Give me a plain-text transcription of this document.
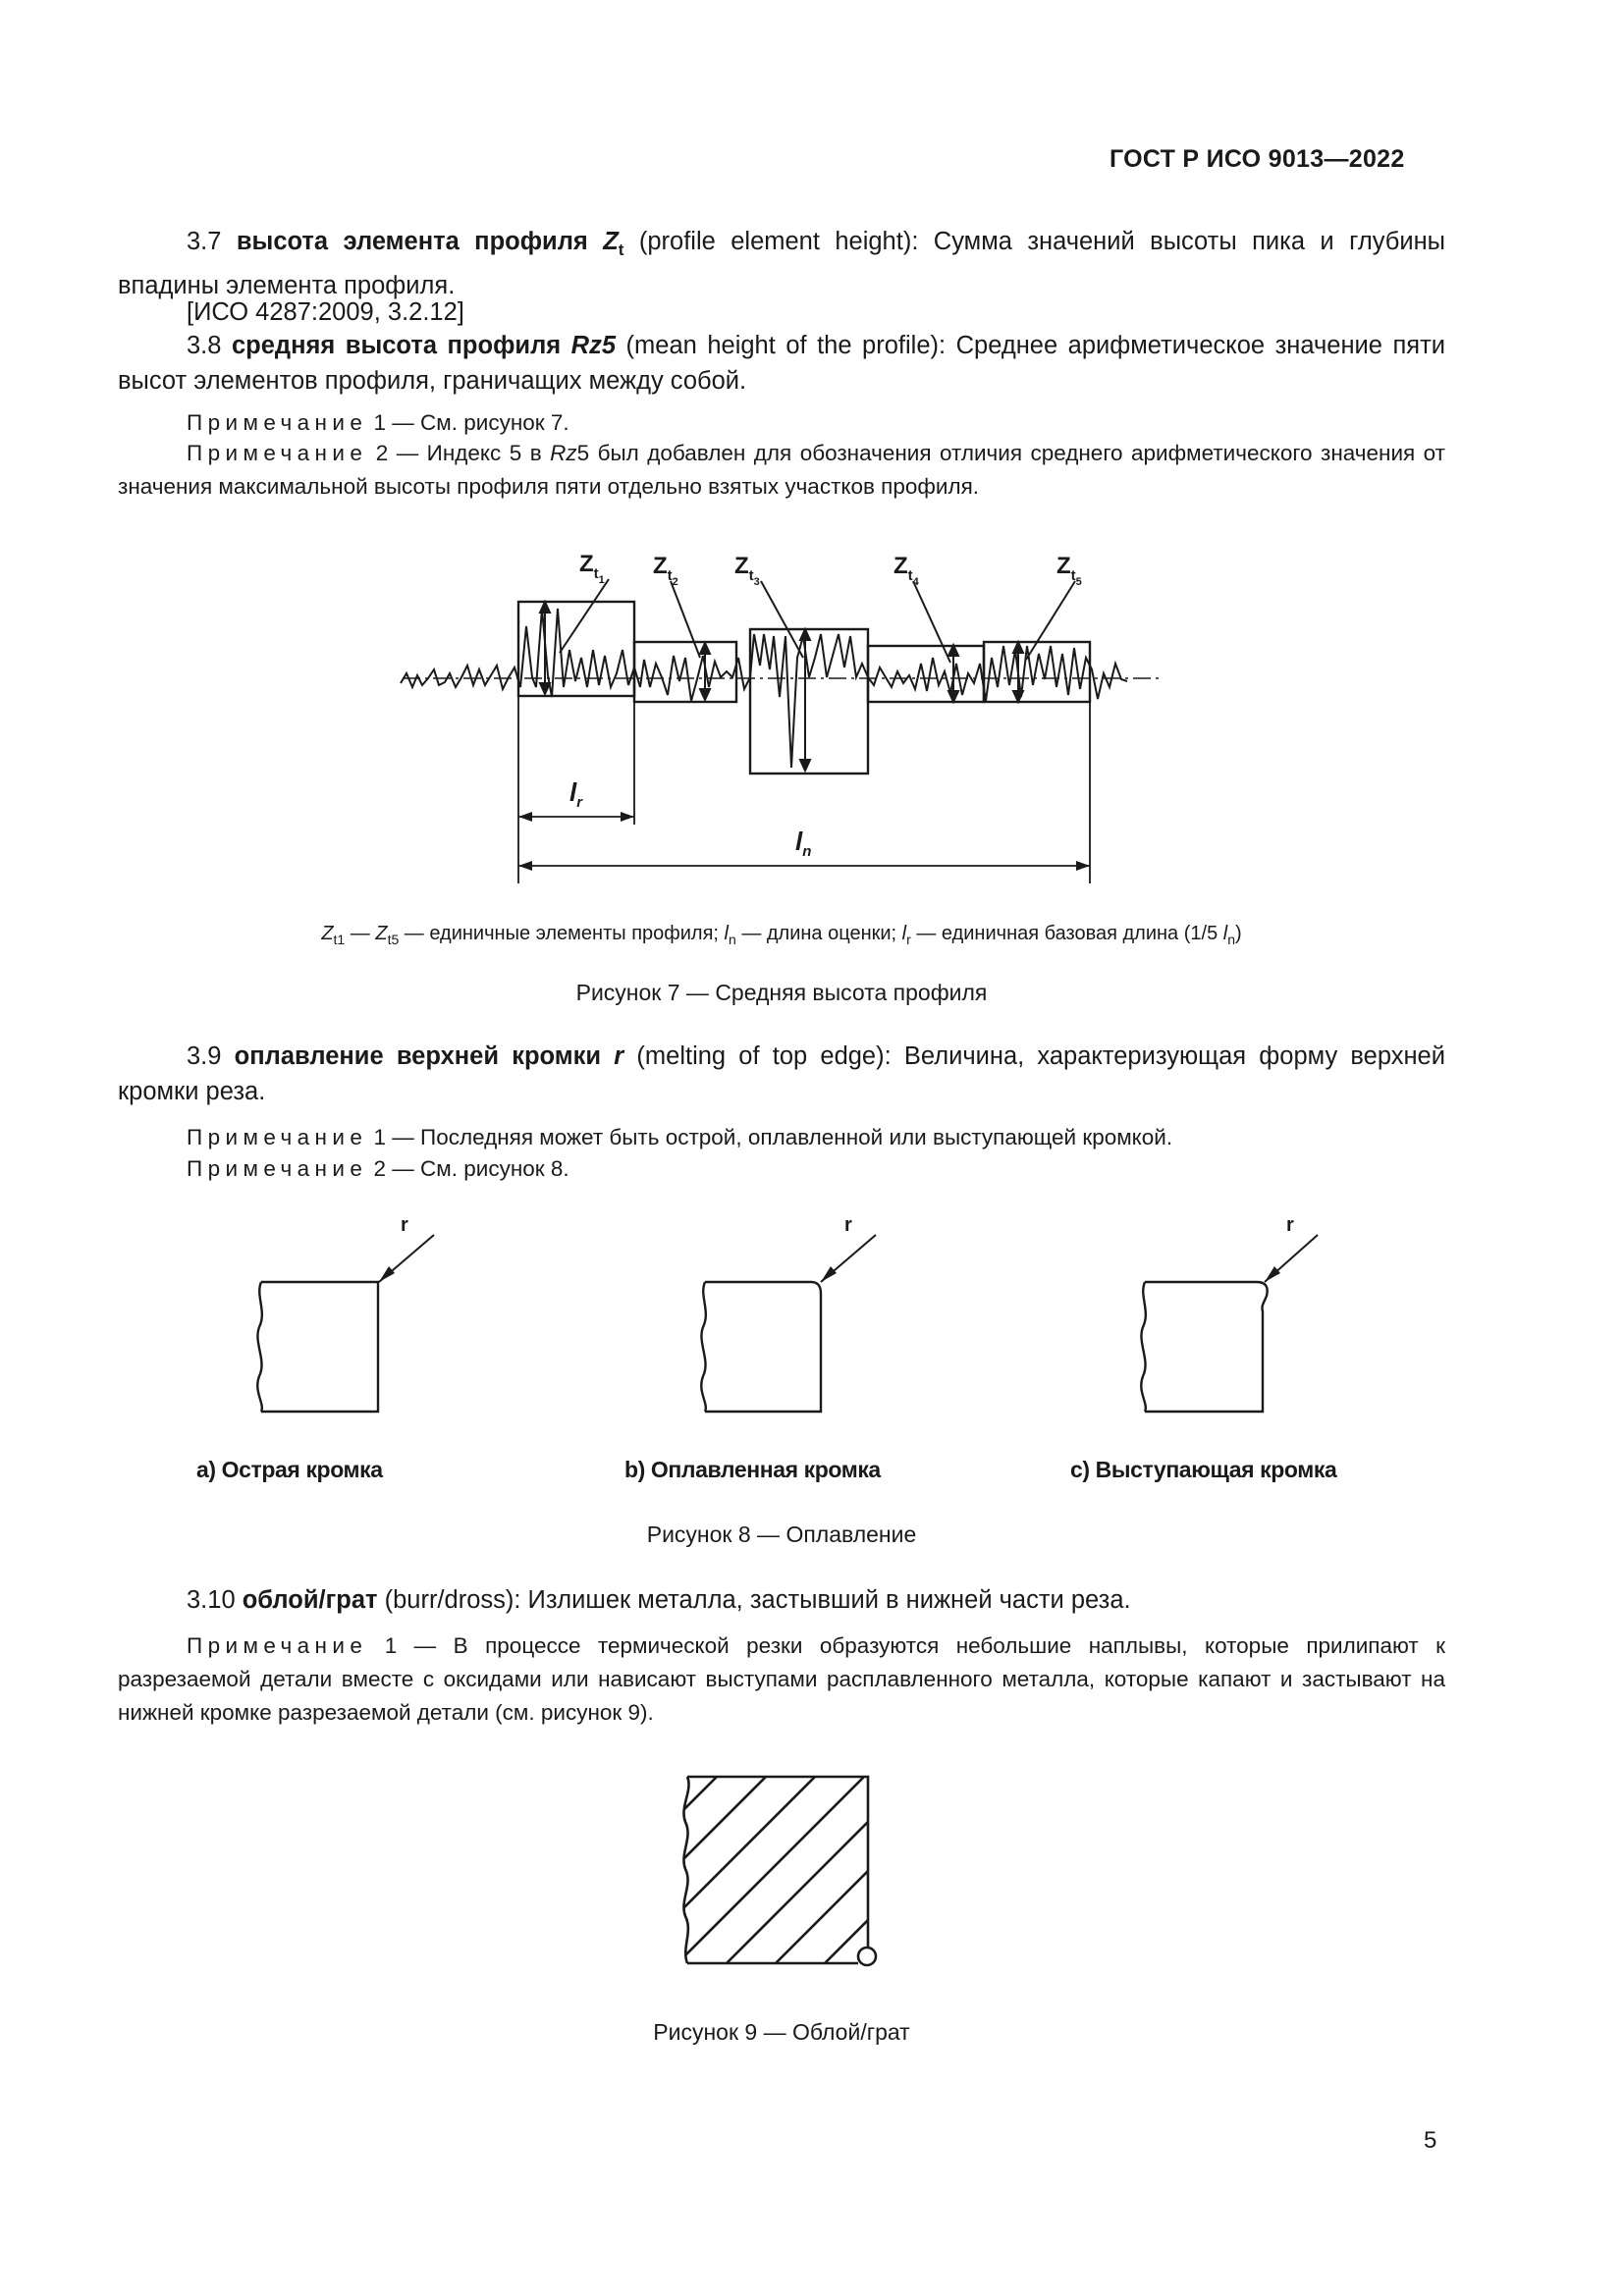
ГОСТ Р ИСО 9013—2022
3.7 высота элемента профиля $Z_t$ (profile element height): Сумма значений высоты пика и глубины впадины элемента профиля.
[ИСО 4287:2009, 3.2.12]
3.8 средняя высота профиля Rz5 (mean height of the profile): Среднее арифметическое значение пяти высот элементов профиля, граничащих между собой.
Примечание 1 — См. рисунок 7.
Примечание 2 — Индекс 5 в Rz5 был добавлен для обозначения отличия среднего арифметического значения от значения максимальной высоты профиля пяти отдельно взятых участков профиля.
$Z_{t1}$
$Z_{t2}$
$Z_{t3}$
$Z_{t4}$
$Z_{t5}$
$l_r$
$l_n$
$Z_{t1}$ — $Z_{t5}$ — единичные элементы профиля; $l_n$ — длина оценки; $l_r$ — единичная базовая длина (1/5 $l_n$)
Рисунок 7 — Средняя высота профиля
3.9 оплавление верхней кромки r (melting of top edge): Величина, характеризующая форму верхней кромки реза.
Примечание 1 — Последняя может быть острой, оплавленной или выступающей кромкой.
Примечание 2 — См. рисунок 8.
r	r	r
a) Острая кромка	b) Оплавленная кромка	c) Выступающая кромка
Рисунок 8 — Оплавление
3.10 облой/грат (burr/dross): Излишек металла, застывший в нижней части реза.
Примечание 1 — В процессе термической резки образуются небольшие наплывы, которые прилипают к разрезаемой детали вместе с оксидами или нависают выступами расплавленного металла, которые капают и застывают на нижней кромке разрезаемой детали (см. рисунок 9).
Рисунок 9 — Облой/грат
5
